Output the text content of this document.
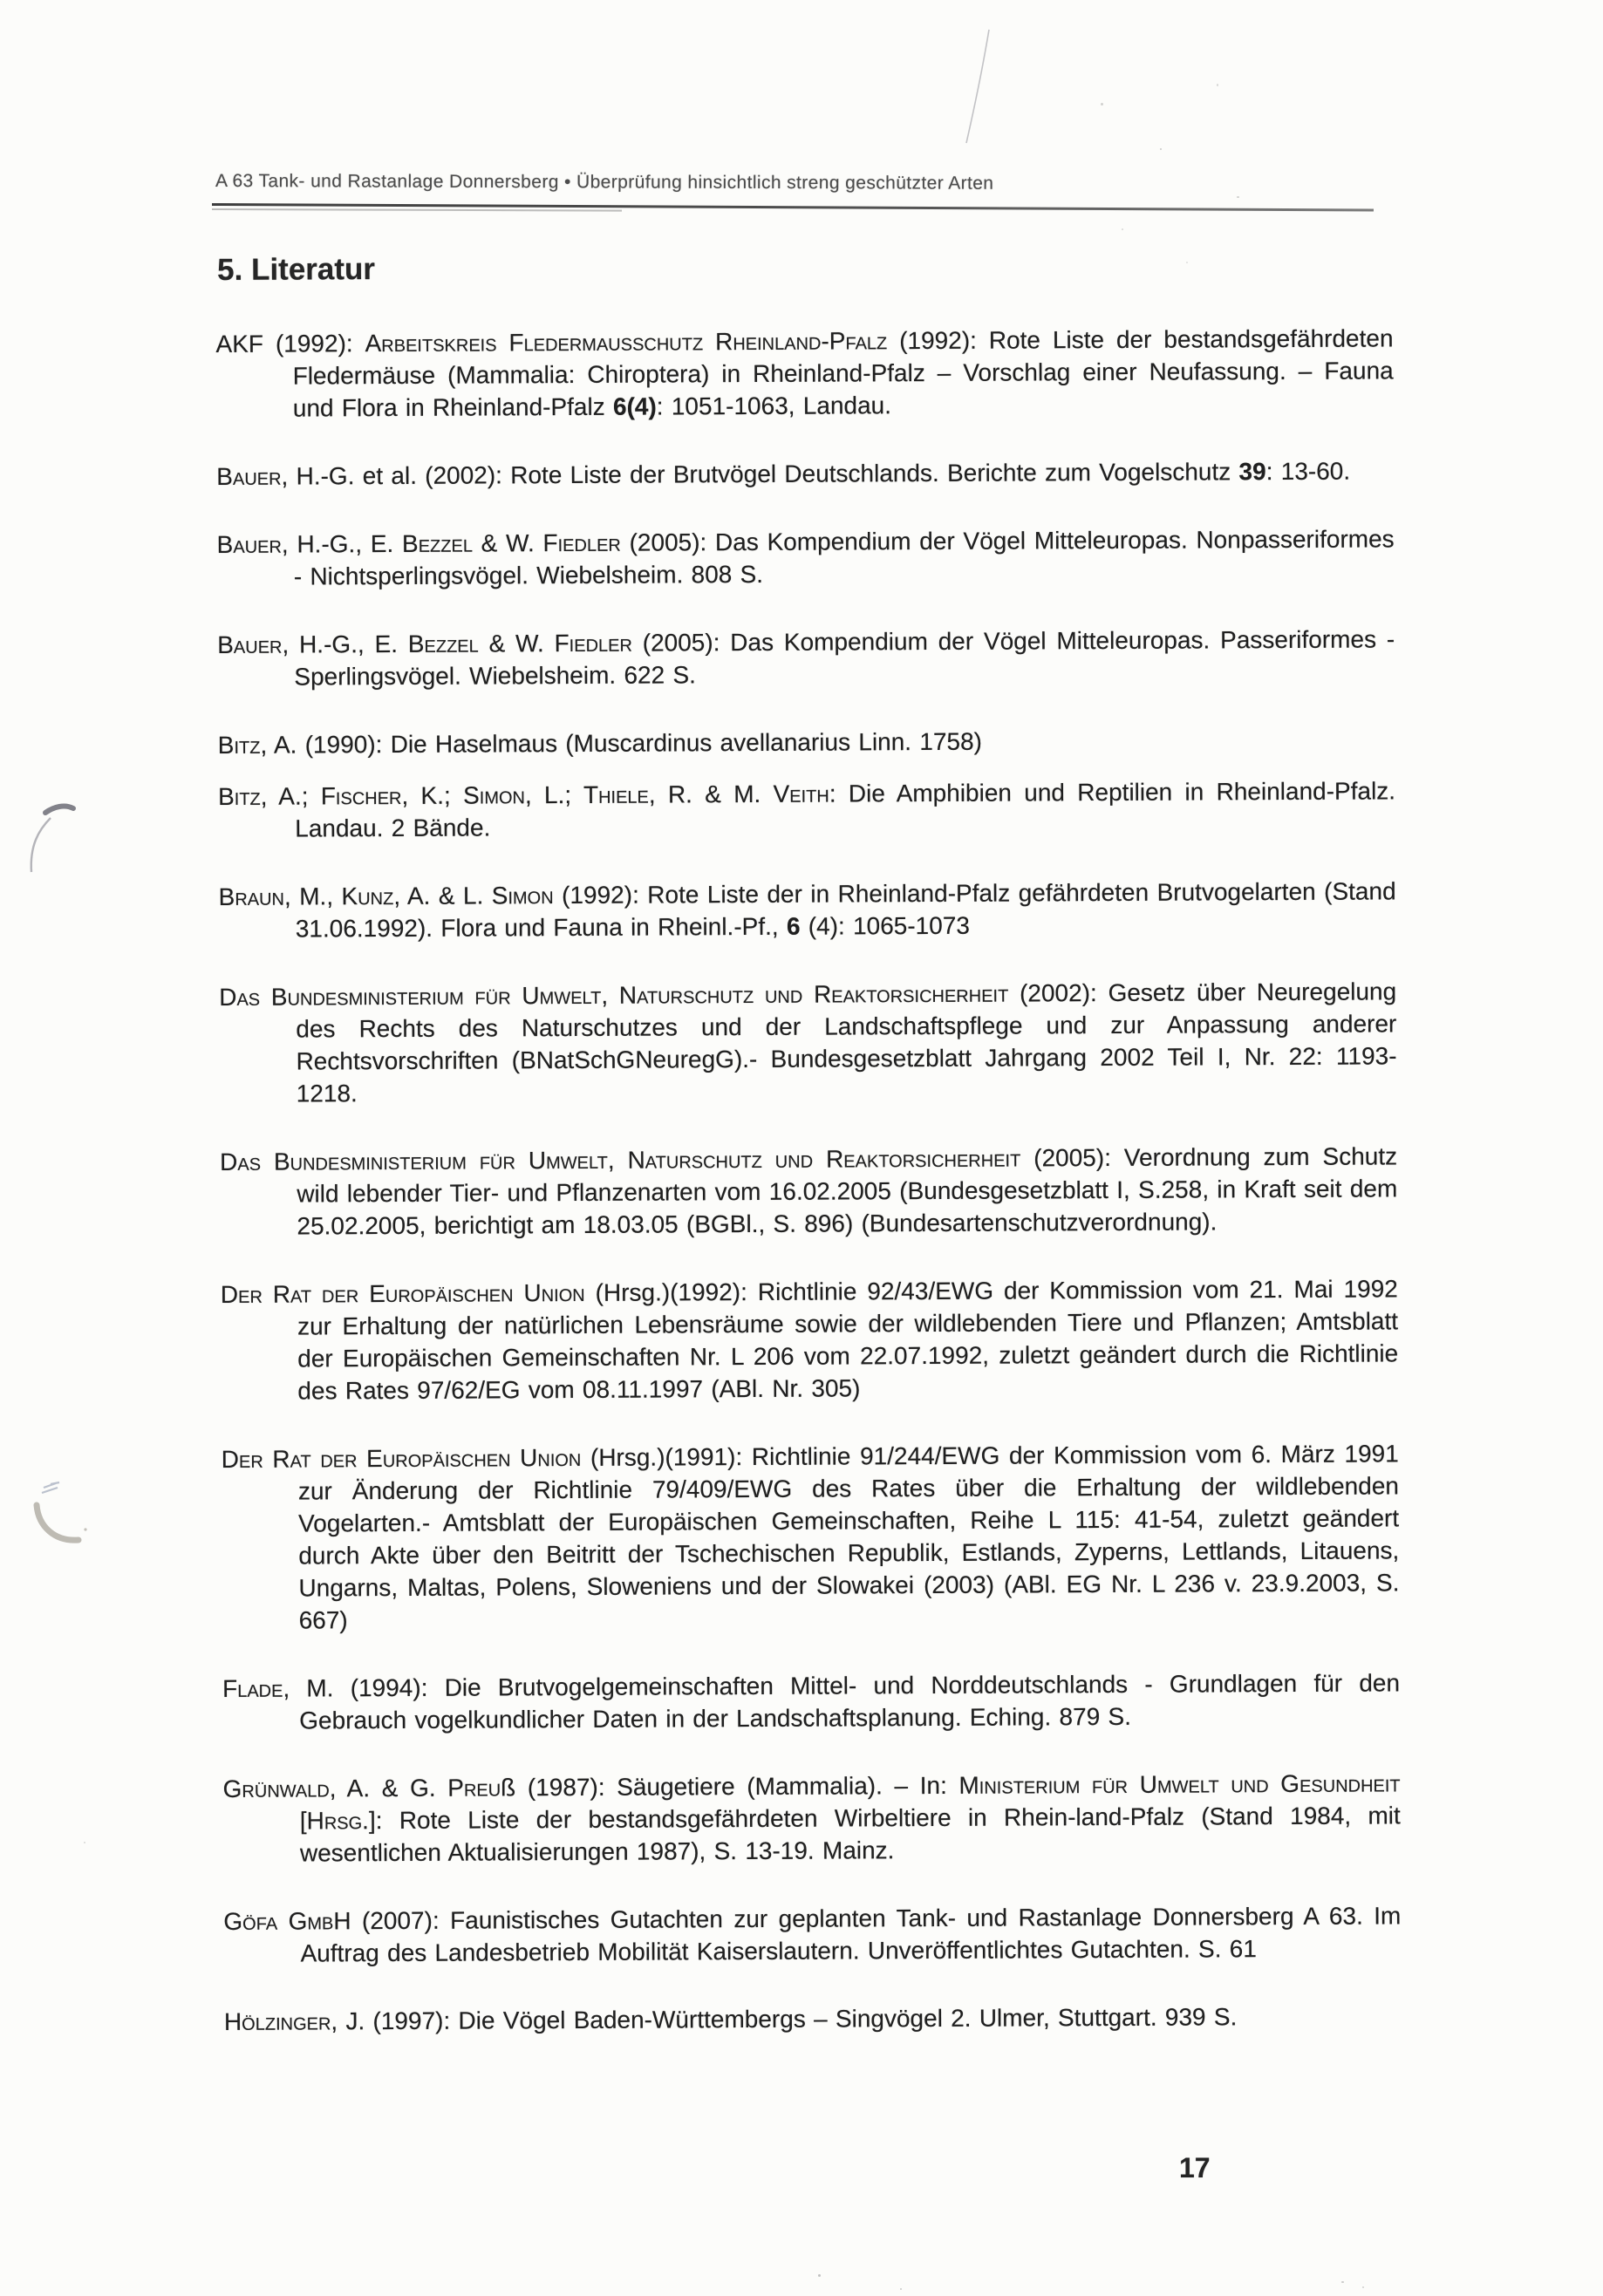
A 63 Tank- und Rastanlage Donnersberg • Überprüfung hinsichtlich streng geschützter Arten
5. Literatur
AKF (1992): Arbeitskreis Fledermausschutz Rheinland-Pfalz (1992): Rote Liste der bestandsgefährdeten Fledermäuse (Mammalia: Chiroptera) in Rheinland-Pfalz – Vorschlag einer Neufassung. – Fauna und Flora in Rheinland-Pfalz 6(4): 1051-1063, Landau.
Bauer, H.-G. et al. (2002): Rote Liste der Brutvögel Deutschlands. Berichte zum Vogelschutz 39: 13-60.
Bauer, H.-G., E. Bezzel & W. Fiedler (2005): Das Kompendium der Vögel Mitteleuropas. Nonpasseriformes - Nichtsperlingsvögel. Wiebelsheim. 808 S.
Bauer, H.-G., E. Bezzel & W. Fiedler (2005): Das Kompendium der Vögel Mitteleuropas. Passeriformes - Sperlingsvögel. Wiebelsheim. 622 S.
Bitz, A. (1990): Die Haselmaus (Muscardinus avellanarius Linn. 1758)
Bitz, A.; Fischer, K.; Simon, L.; Thiele, R. & M. Veith: Die Amphibien und Reptilien in Rheinland-Pfalz. Landau. 2 Bände.
Braun, M., Kunz, A. & L. Simon (1992): Rote Liste der in Rheinland-Pfalz gefährdeten Brutvogelarten (Stand 31.06.1992). Flora und Fauna in Rheinl.-Pf., 6 (4): 1065-1073
Das Bundesministerium für Umwelt, Naturschutz und Reaktorsicherheit (2002): Gesetz über Neuregelung des Rechts des Naturschutzes und der Landschaftspflege und zur Anpassung anderer Rechtsvorschriften (BNatSchGNeuregG).- Bundesgesetzblatt Jahrgang 2002 Teil I, Nr. 22: 1193-1218.
Das Bundesministerium für Umwelt, Naturschutz und Reaktorsicherheit (2005): Verordnung zum Schutz wild lebender Tier- und Pflanzenarten vom 16.02.2005 (Bundesgesetzblatt I, S.258, in Kraft seit dem 25.02.2005, berichtigt am 18.03.05 (BGBl., S. 896) (Bundesartenschutzverordnung).
Der Rat der Europäischen Union (Hrsg.)(1992): Richtlinie 92/43/EWG der Kommission vom 21. Mai 1992 zur Erhaltung der natürlichen Lebensräume sowie der wildlebenden Tiere und Pflanzen; Amtsblatt der Europäischen Gemeinschaften Nr. L 206 vom 22.07.1992, zuletzt geändert durch die Richtlinie des Rates 97/62/EG vom 08.11.1997 (ABl. Nr. 305)
Der Rat der Europäischen Union (Hrsg.)(1991): Richtlinie 91/244/EWG der Kommission vom 6. März 1991 zur Änderung der Richtlinie 79/409/EWG des Rates über die Erhaltung der wildlebenden Vogelarten.- Amtsblatt der Europäischen Gemeinschaften, Reihe L 115: 41-54, zuletzt geändert durch Akte über den Beitritt der Tschechischen Republik, Estlands, Zyperns, Lettlands, Litauens, Ungarns, Maltas, Polens, Sloweniens und der Slowakei (2003) (ABl. EG Nr. L 236 v. 23.9.2003, S. 667)
Flade, M. (1994): Die Brutvogelgemeinschaften Mittel- und Norddeutschlands - Grundlagen für den Gebrauch vogelkundlicher Daten in der Landschaftsplanung. Eching. 879 S.
Grünwald, A. & G. Preuß (1987): Säugetiere (Mammalia). – In: Ministerium für Umwelt und Gesundheit [Hrsg.]: Rote Liste der bestandsgefährdeten Wirbeltiere in Rhein-land-Pfalz (Stand 1984, mit wesentlichen Aktualisierungen 1987), S. 13-19. Mainz.
Göfa GmbH (2007): Faunistisches Gutachten zur geplanten Tank- und Rastanlage Donnersberg A 63. Im Auftrag des Landesbetrieb Mobilität Kaiserslautern. Unveröffentlichtes Gutachten. S. 61
Hölzinger, J. (1997): Die Vögel Baden-Württembergs – Singvögel 2. Ulmer, Stuttgart. 939 S.
17
